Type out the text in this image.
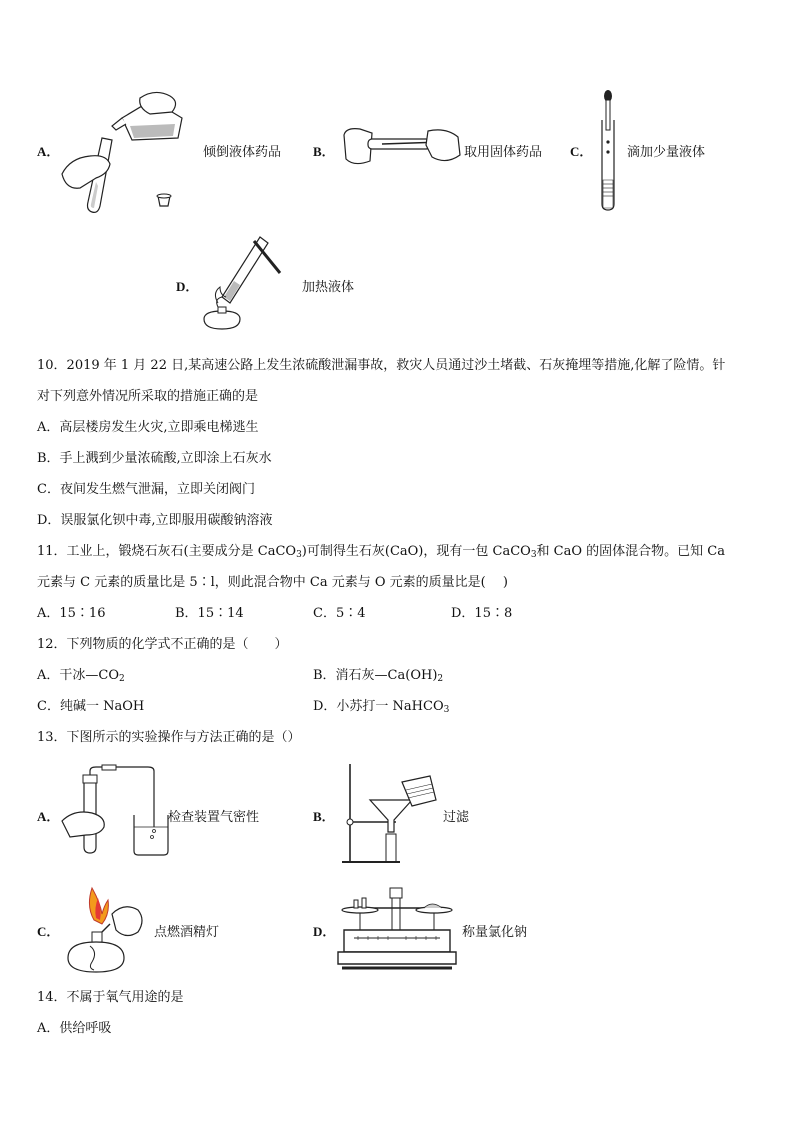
A．	倾倒液体药品 B．	取用固体药品 C．	滴加少量液体
D．	加热液体
10．2019 年 1 月 22 日,某高速公路上发生浓硫酸泄漏事故，救灾人员通过沙土堵截、石灰掩埋等措施,化解了险情。针
对下列意外情况所采取的措施正确的是
A．高层楼房发生火灾,立即乘电梯逃生
B．手上溅到少量浓硫酸,立即涂上石灰水
C．夜间发生燃气泄漏，立即关闭阀门
D．误服氯化钡中毒,立即服用碳酸钠溶液
11．工业上，锻烧石灰石(主要成分是 CaCO$_3$)可制得生石灰(CaO)，现有一包 CaCO$_3$和 CaO 的固体混合物。已知 Ca
元素与 C 元素的质量比是 5∶l，则此混合物中 Ca 元素与 O 元素的质量比是(　 )
A．15∶16	B．15∶14	C．5∶4	D．15∶8
12．下列物质的化学式不正确的是（　　）
A．干冰$—CO_2$	B．消石灰$—Ca(OH)_2$
C．纯碱一 NaOH	D．小苏打一 NaHCO$_3$
13．下图所示的实验操作与方法正确的是（）
A．	检查装置气密性	B．	过滤
C．	点燃酒精灯	D．	称量氯化钠
14．不属于氧气用途的是
A．供给呼吸
